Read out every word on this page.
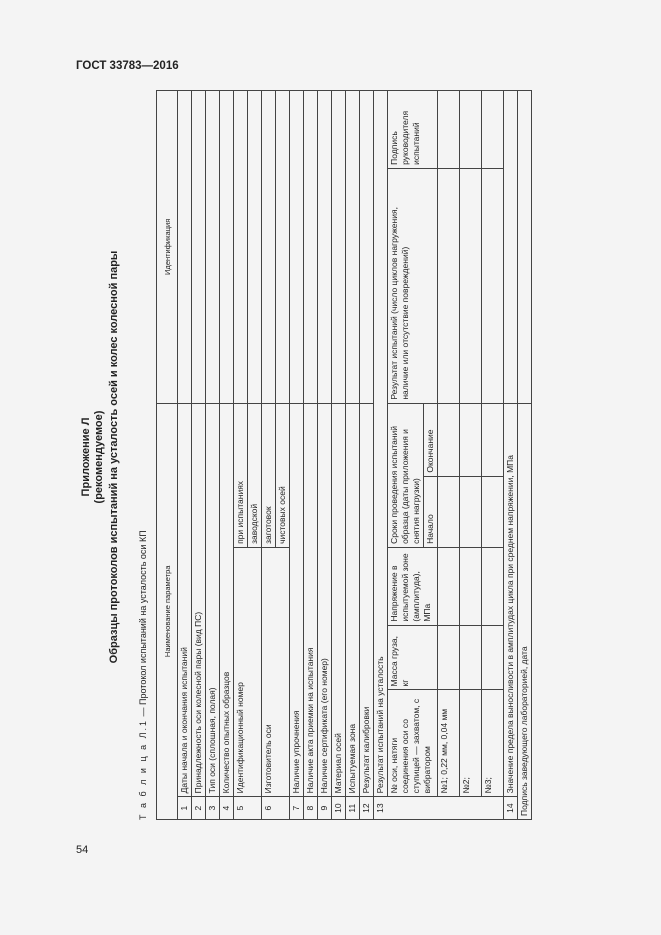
ГОСТ 33783—2016
Приложение Л (рекомендуемое) Образцы протоколов испытаний на усталость осей и колес колесной пары
Т а б л и ц а Л.1 — Протокол испытаний на усталость оси КП Наименование параметра						Идентификация	
1	Даты начала и окончания испытаний						
2	Принадлежность оси колесной пары (вид ПС)						
3	Тип оси (сплошная, полая)						
4	Количество опытных образцов						
5	Идентификационный номер			при испытаниях			
				заводской			
6	Изготовитель оси			заготовок			
				чистовых осей			
7	Наличие упрочнения						
8	Наличие акта приемки на испытания						
9	Наличие сертификата (его номер)						
10	Материал осей						
11	Испытуемая зона						
12	Результат калибровки						
13	Результат испытаний на усталость						
	№ оси, натяги соединения оси со ступицей — захватом, с вибратором	Масса груза, кг	Напряжение в испытуемой зоне (амплитуда), МПа	Сроки проведения испытаний образца (даты приложения и снятия нагрузки)		Результат испытаний (число циклов нагружения, наличие или отсутствие повреждений)	Подпись руководителя испытаний
				Начало	Окончание		
	№1; 0,22 мм, 0,04 мм						
	№2;						
	№3;						
14	Значение предела выносливости в амплитудах цикла при среднем напряжении, МПа						
Подпись заведующего лабораторией, дата							
54
